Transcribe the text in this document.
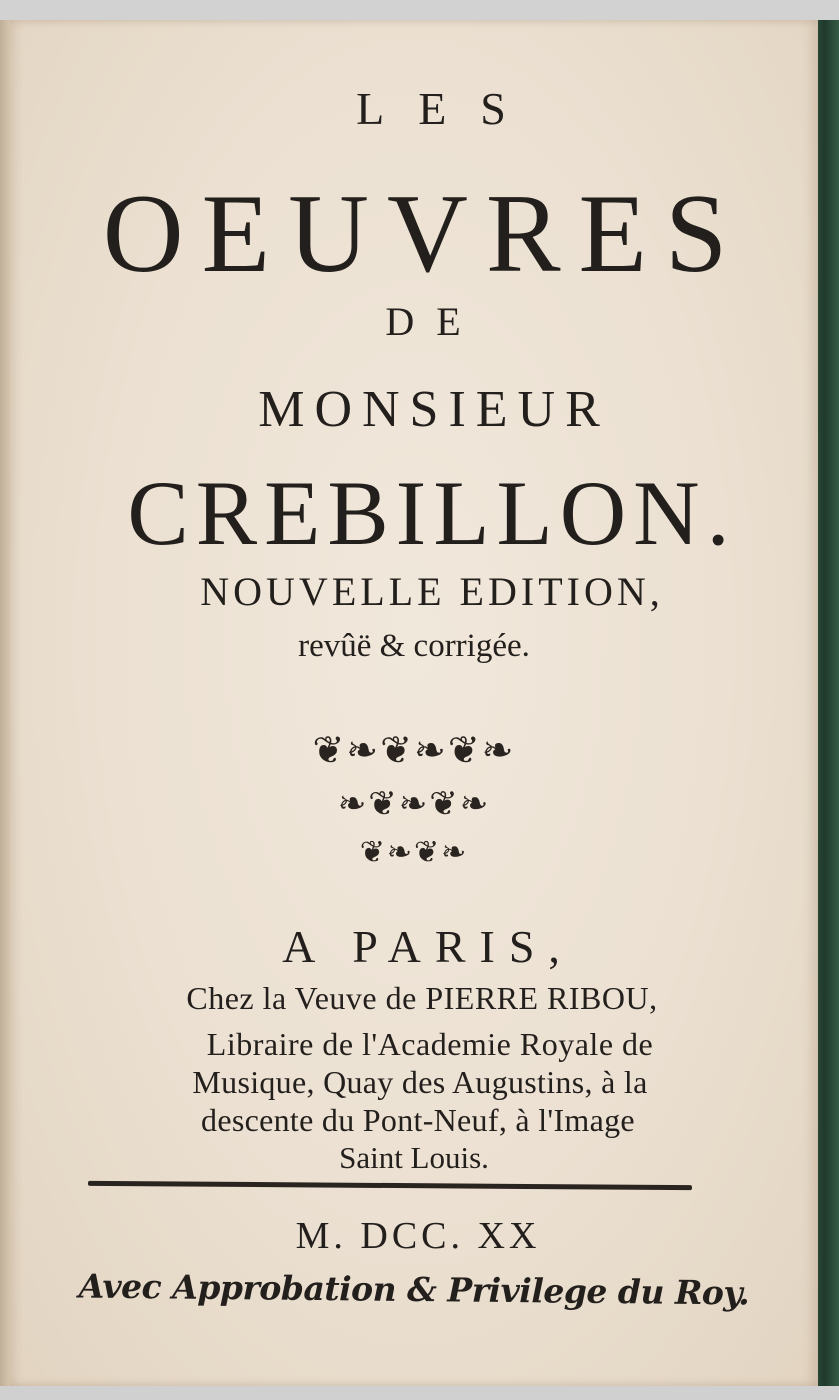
LES
OEUVRES
DE
MONSIEUR
CREBILLON.
NOUVELLE EDITION,
revûë & corrigée.
❦❧❦❧❦❧
❧❦❧❦❧
❦❧❦❧
A PARIS,
Chez la Veuve de PIERRE RIBOU,
Libraire de l'Academie Royale de
Musique, Quay des Augustins, à la
descente du Pont-Neuf, à l'Image
Saint Louis.
M. DCC. XX
Avec Approbation & Privilege du Roy.
